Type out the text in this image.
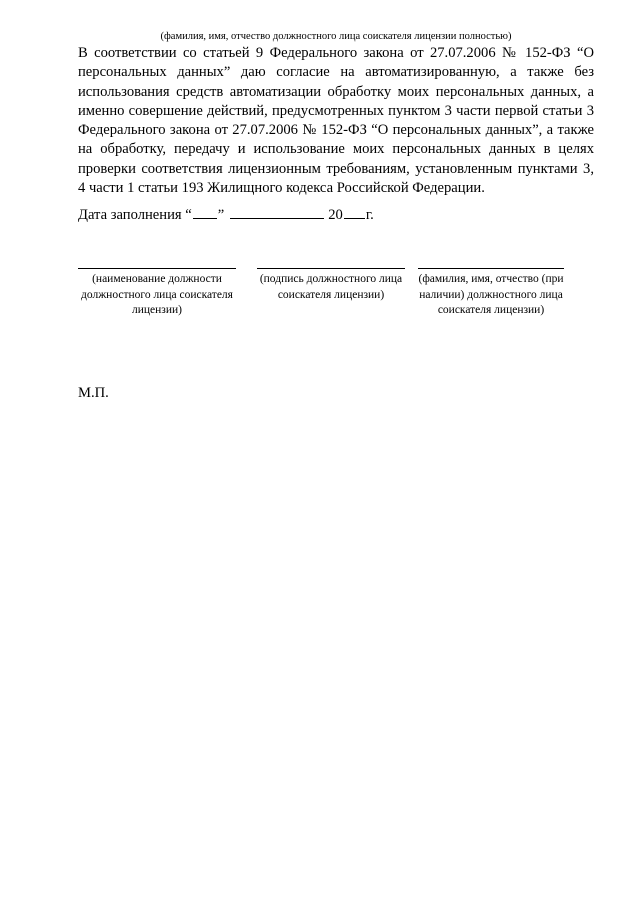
(фамилия, имя, отчество должностного лица соискателя лицензии полностью)

В соответствии со статьей 9 Федерального закона от 27.07.2006 № 152-ФЗ “О персональных данных” даю согласие на автоматизированную, а также без использования средств автоматизации обработку моих персональных данных, а именно совершение действий, предусмотренных пунктом 3 части первой статьи 3 Федерального закона от 27.07.2006 № 152-ФЗ “О персональных данных”, а также на обработку, передачу и использование моих персональных данных в целях проверки соответствия лицензионным требованиям, установленным пунктами 3, 4 части 1 статьи 193 Жилищного кодекса Российской Федерации.

Дата заполнения “ ”	20 г.
(наименование должности должностного лица соискателя лицензии)
(подпись должностного лица соискателя лицензии)
(фамилия, имя, отчество (при наличии) должностного лица соискателя лицензии)
М.П.
